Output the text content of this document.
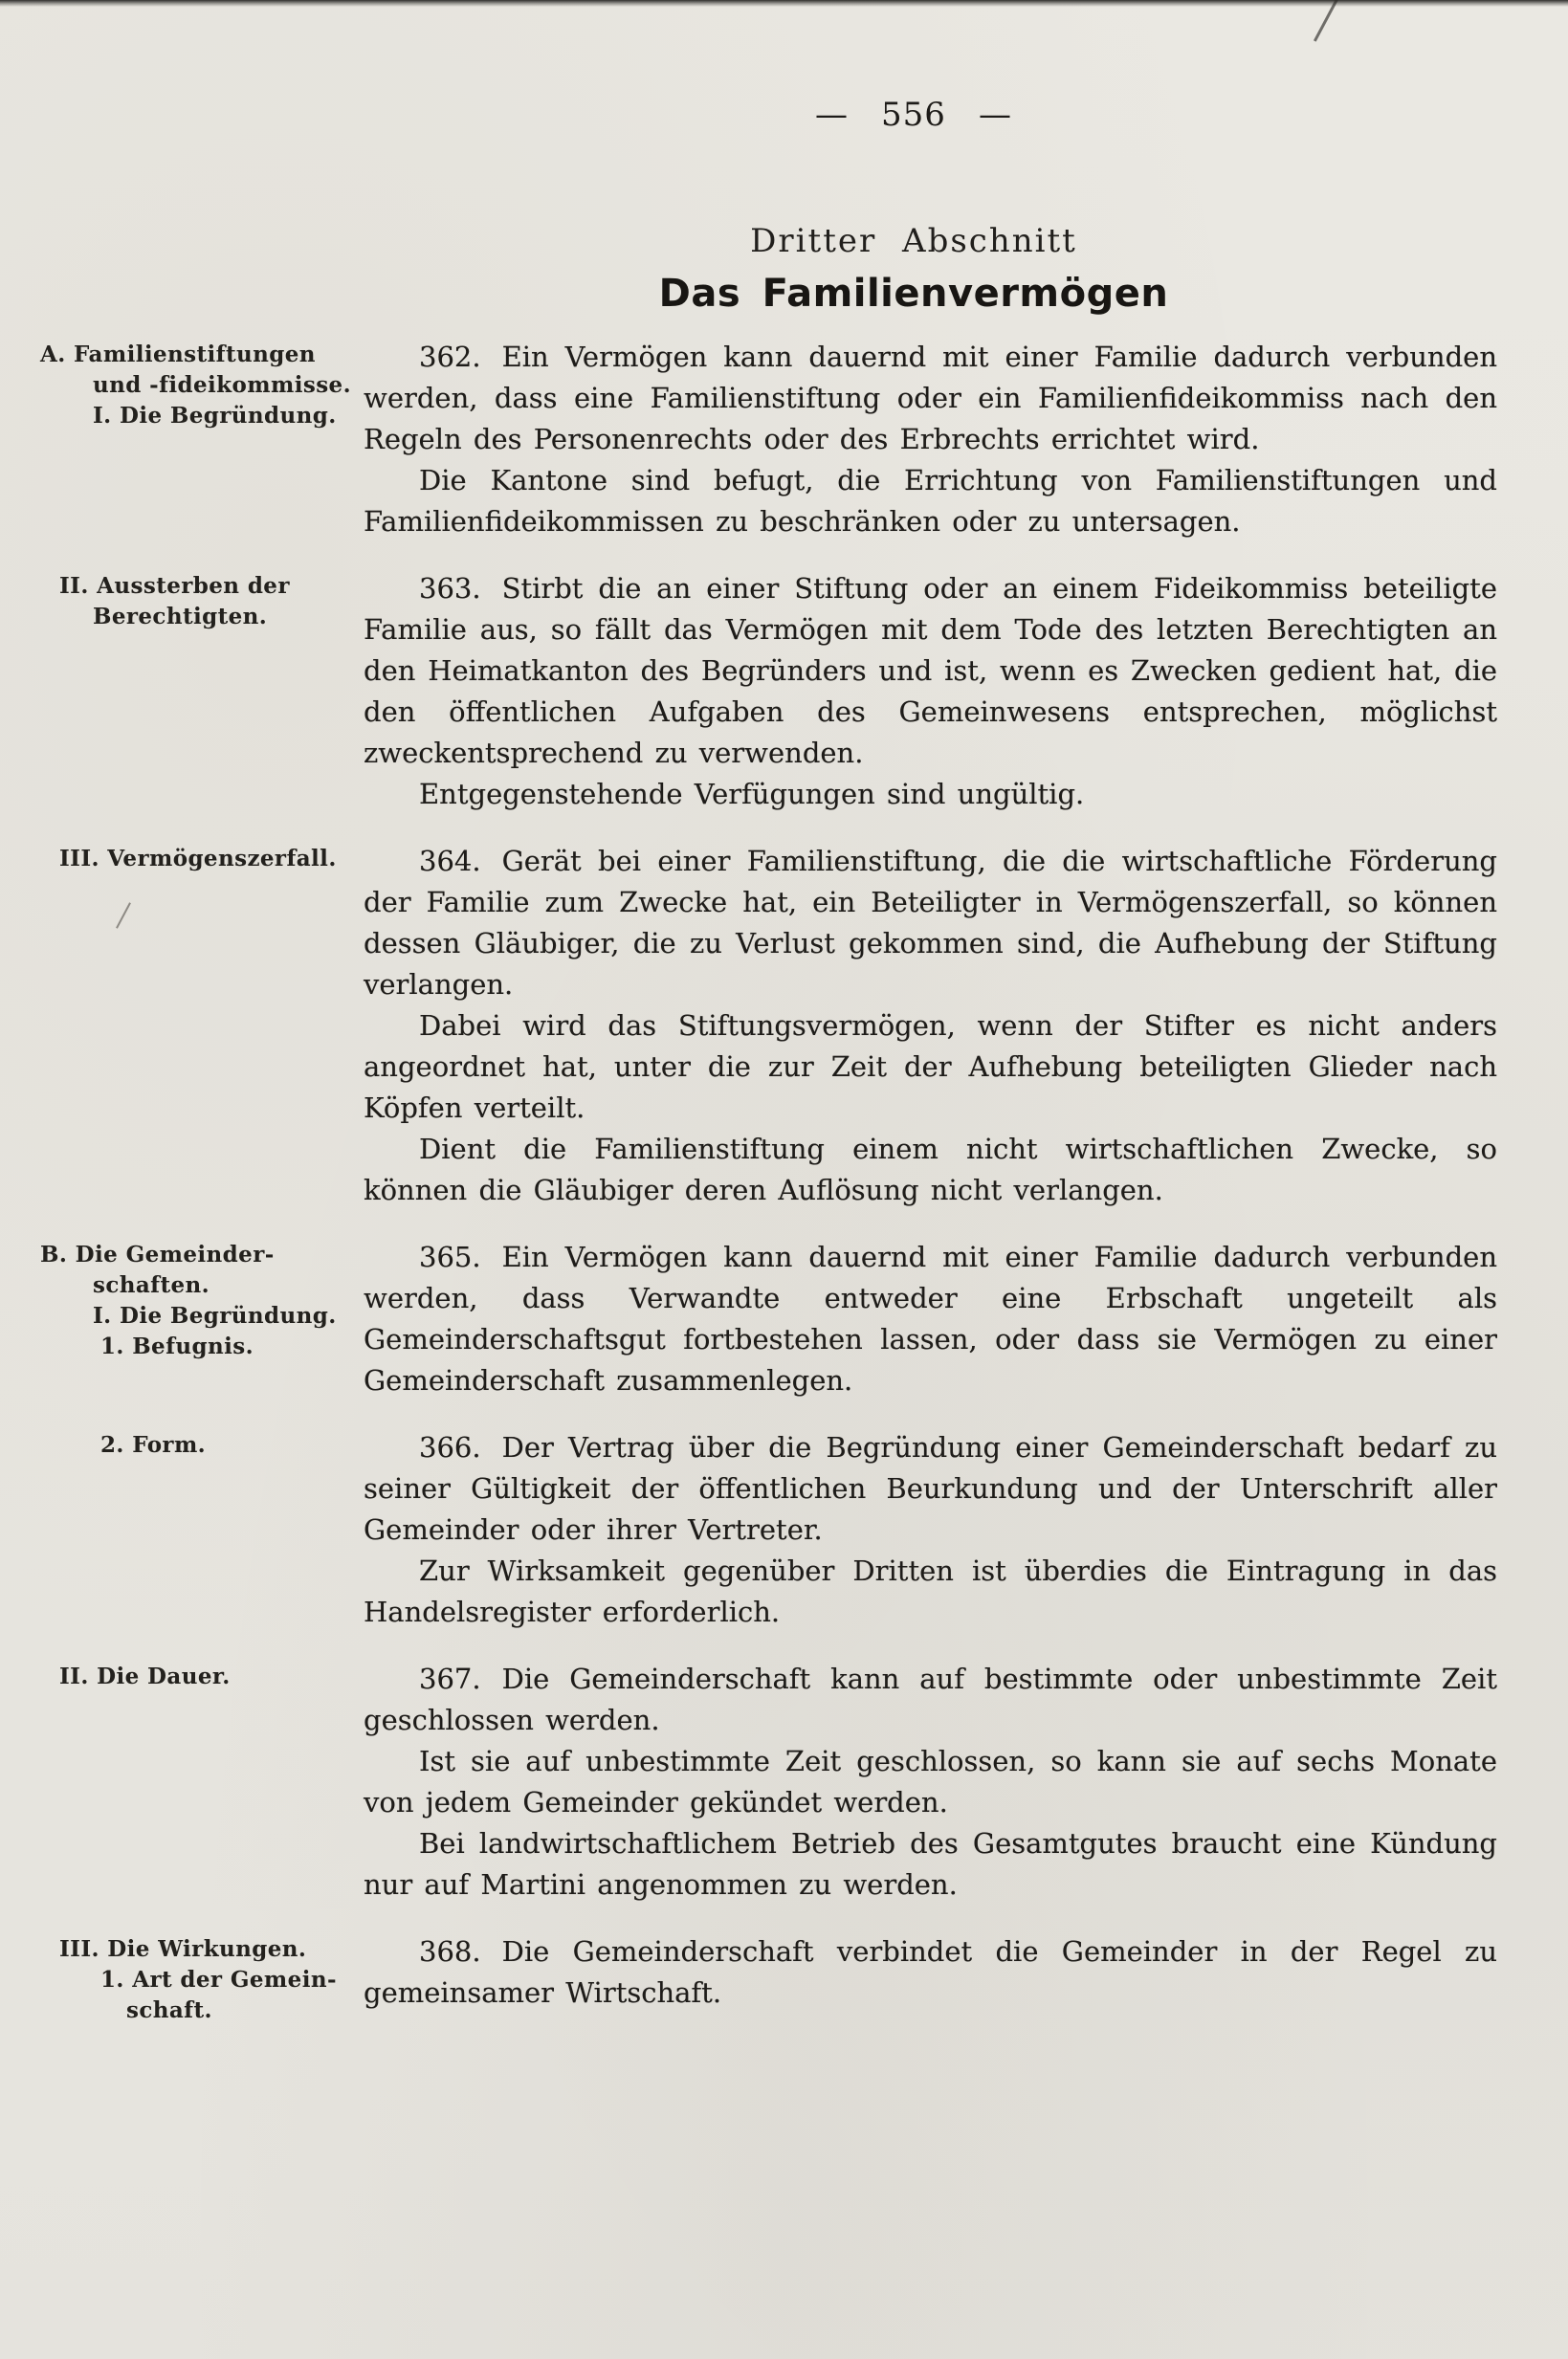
— 556 —
Dritter Abschnitt
Das Familienvermögen
A. Familienstiftungen
und -fideikommisse.
I. Die Begründung.

362. Ein Vermögen kann dauernd mit einer Familie dadurch verbunden werden, dass eine Familienstiftung oder ein Familienfideikommiss nach den Regeln des Personenrechts oder des Erbrechts errichtet wird.

Die Kantone sind befugt, die Errichtung von Familienstiftungen und Familienfideikommissen zu beschränken oder zu untersagen.

II. Aussterben der
Berechtigten.

363. Stirbt die an einer Stiftung oder an einem Fideikommiss beteiligte Familie aus, so fällt das Vermögen mit dem Tode des letzten Berechtigten an den Heimatkanton des Begründers und ist, wenn es Zwecken gedient hat, die den öffentlichen Aufgaben des Gemeinwesens entsprechen, möglichst zweckentsprechend zu verwenden.

Entgegenstehende Verfügungen sind ungültig.

III. Vermögenszerfall.	364. Gerät bei einer Familienstiftung, die die wirtschaftliche Förderung der Familie zum Zwecke hat, ein Beteiligter in Vermögenszerfall, so können dessen Gläubiger, die zu Verlust gekommen sind, die Aufhebung der Stiftung verlangen.

Dabei wird das Stiftungsvermögen, wenn der Stifter es nicht anders angeordnet hat, unter die zur Zeit der Aufhebung beteiligten Glieder nach Köpfen verteilt.

Dient die Familienstiftung einem nicht wirtschaftlichen Zwecke, so können die Gläubiger deren Auflösung nicht verlangen.

B. Die Gemeinder-
schaften.
I. Die Begründung.
1. Befugnis.

365. Ein Vermögen kann dauernd mit einer Familie dadurch verbunden werden, dass Verwandte entweder eine Erbschaft ungeteilt als Gemeinderschaftsgut fortbestehen lassen, oder dass sie Vermögen zu einer Gemeinderschaft zusammenlegen.

2. Form.	366. Der Vertrag über die Begründung einer Gemeinderschaft bedarf zu seiner Gültigkeit der öffentlichen Beurkundung und der Unterschrift aller Gemeinder oder ihrer Vertreter.

Zur Wirksamkeit gegenüber Dritten ist überdies die Eintragung in das Handelsregister erforderlich.

II. Die Dauer.	367. Die Gemeinderschaft kann auf bestimmte oder unbestimmte Zeit geschlossen werden.

Ist sie auf unbestimmte Zeit geschlossen, so kann sie auf sechs Monate von jedem Gemeinder gekündet werden.

Bei landwirtschaftlichem Betrieb des Gesamtgutes braucht eine Kündung nur auf Martini angenommen zu werden.

III. Die Wirkungen.
1. Art der Gemein-
schaft.

368. Die Gemeinderschaft verbindet die Gemeinder in der Regel zu gemeinsamer Wirtschaft.
